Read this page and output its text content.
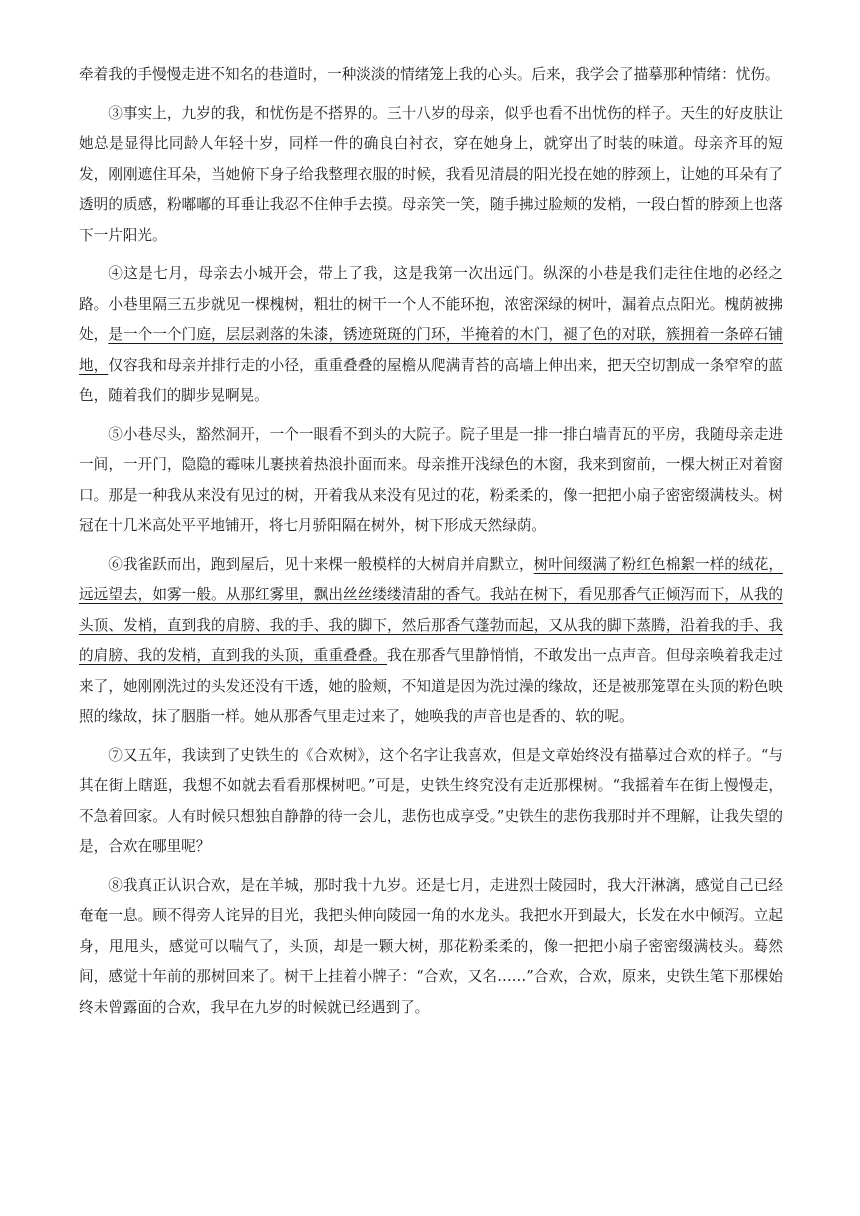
牵着我的手慢慢走进不知名的巷道时，一种淡淡的情绪笼上我的心头。后来，我学会了描摹那种情绪：忧伤。

③事实上，九岁的我，和忧伤是不搭界的。三十八岁的母亲，似乎也看不出忧伤的样子。天生的好皮肤让她总是显得比同龄人年轻十岁，同样一件的确良白衬衣，穿在她身上，就穿出了时装的味道。母亲齐耳的短发，刚刚遮住耳朵，当她俯下身子给我整理衣服的时候，我看见清晨的阳光投在她的脖颈上，让她的耳朵有了透明的质感，粉嘟嘟的耳垂让我忍不住伸手去摸。母亲笑一笑，随手拂过脸颊的发梢，一段白皙的脖颈上也落下一片阳光。

④这是七月，母亲去小城开会，带上了我，这是我第一次出远门。纵深的小巷是我们走往住地的必经之路。小巷里隔三五步就见一棵槐树，粗壮的树干一个人不能环抱，浓密深绿的树叶，漏着点点阳光。槐荫被拂处，是一个一个门庭，层层剥落的朱漆，锈迹斑斑的门环，半掩着的木门，褪了色的对联，簇拥着一条碎石铺地，仅容我和母亲并排行走的小径，重重叠叠的屋檐从爬满青苔的高墙上伸出来，把天空切割成一条窄窄的蓝色，随着我们的脚步晃啊晃。

⑤小巷尽头，豁然洞开，一个一眼看不到头的大院子。院子里是一排一排白墙青瓦的平房，我随母亲走进一间，一开门，隐隐的霉味儿裹挟着热浪扑面而来。母亲推开浅绿色的木窗，我来到窗前，一棵大树正对着窗口。那是一种我从来没有见过的树，开着我从来没有见过的花，粉柔柔的，像一把把小扇子密密缀满枝头。树冠在十几米高处平平地铺开，将七月骄阳隔在树外，树下形成天然绿荫。

⑥我雀跃而出，跑到屋后，见十来棵一般模样的大树肩并肩默立，树叶间缀满了粉红色棉絮一样的绒花，远远望去，如雾一般。从那红雾里，飘出丝丝缕缕清甜的香气。我站在树下，看见那香气正倾泻而下，从我的头顶、发梢，直到我的肩膀、我的手、我的脚下，然后那香气蓬勃而起，又从我的脚下蒸腾，沿着我的手、我的肩膀、我的发梢，直到我的头顶，重重叠叠。我在那香气里静悄悄，不敢发出一点声音。但母亲唤着我走过来了，她刚刚洗过的头发还没有干透，她的脸颊，不知道是因为洗过澡的缘故，还是被那笼罩在头顶的粉色映照的缘故，抹了胭脂一样。她从那香气里走过来了，她唤我的声音也是香的、软的呢。

⑦又五年，我读到了史铁生的《合欢树》，这个名字让我喜欢，但是文章始终没有描摹过合欢的样子。“与其在街上瞎逛，我想不如就去看看那棵树吧。”可是，史铁生终究没有走近那棵树。“我摇着车在街上慢慢走，不急着回家。人有时候只想独自静静的待一会儿，悲伤也成享受。”史铁生的悲伤我那时并不理解，让我失望的是，合欢在哪里呢？

⑧我真正认识合欢，是在羊城，那时我十九岁。还是七月，走进烈士陵园时，我大汗淋漓，感觉自己已经奄奄一息。顾不得旁人诧异的目光，我把头伸向陵园一角的水龙头。我把水开到最大，长发在水中倾泻。立起身，甩甩头，感觉可以喘气了，头顶，却是一颗大树，那花粉柔柔的，像一把把小扇子密密缀满枝头。蓦然间，感觉十年前的那树回来了。树干上挂着小牌子：“合欢，又名……”合欢，合欢，原来，史铁生笔下那棵始终未曾露面的合欢，我早在九岁的时候就已经遇到了。
